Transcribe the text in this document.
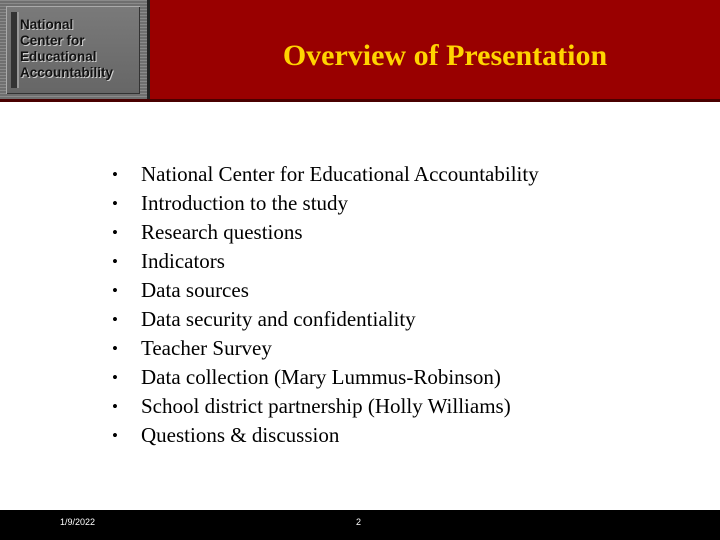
National
Center for
Educational
Accountability
Overview of Presentation
• National Center for Educational Accountability
• Introduction to the study
• Research questions
• Indicators
• Data sources
• Data security and confidentiality
• Teacher Survey
• Data collection (Mary Lummus-Robinson)
• School district partnership (Holly Williams)
• Questions & discussion
1/9/2022	2
